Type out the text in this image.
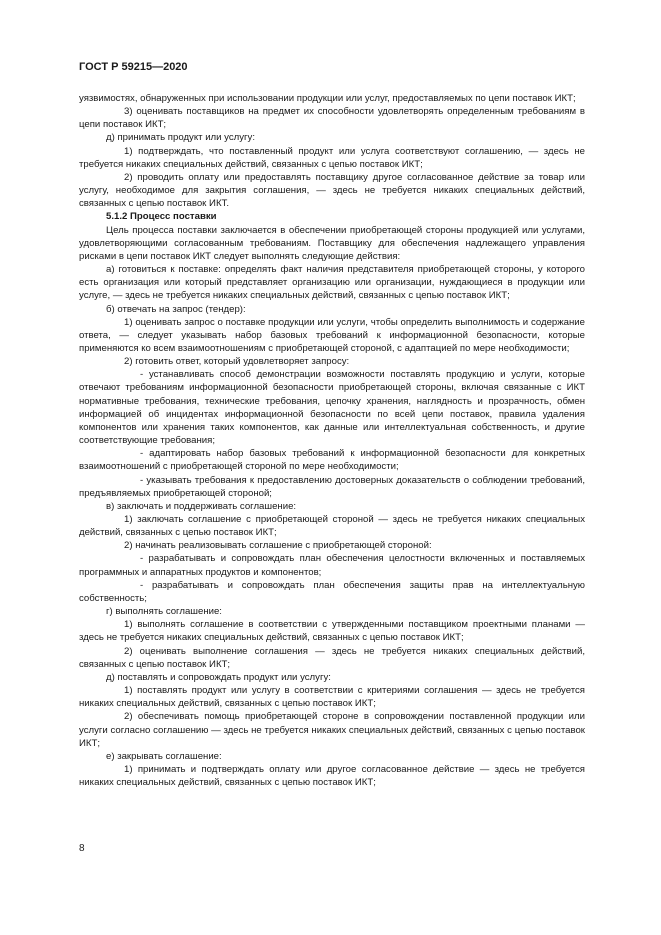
ГОСТ Р 59215—2020

уязвимостях, обнаруженных при использовании продукции или услуг, предоставляемых по цепи поставок ИКТ;

3) оценивать поставщиков на предмет их способности удовлетворять определенным требованиям в цепи поставок ИКТ;

д) принимать продукт или услугу:

1) подтверждать, что поставленный продукт или услуга соответствуют соглашению, — здесь не требуется никаких специальных действий, связанных с цепью поставок ИКТ;

2) проводить оплату или предоставлять поставщику другое согласованное действие за товар или услугу, необходимое для закрытия соглашения, — здесь не требуется никаких специальных действий, связанных с цепью поставок ИКТ.

5.1.2 Процесс поставки

Цель процесса поставки заключается в обеспечении приобретающей стороны продукцией или услугами, удовлетворяющими согласованным требованиям. Поставщику для обеспечения надлежащего управления рисками в цепи поставок ИКТ следует выполнять следующие действия:

а) готовиться к поставке: определять факт наличия представителя приобретающей стороны, у которого есть организация или который представляет организацию или организации, нуждающиеся в продукции или услуге, — здесь не требуется никаких специальных действий, связанных с цепью поставок ИКТ;

б) отвечать на запрос (тендер):

1) оценивать запрос о поставке продукции или услуги, чтобы определить выполнимость и содержание ответа, — следует указывать набор базовых требований к информационной безопасности, которые применяются ко всем взаимоотношениям с приобретающей стороной, с адаптацией по мере необходимости;

2) готовить ответ, который удовлетворяет запросу:

- устанавливать способ демонстрации возможности поставлять продукцию и услуги, которые отвечают требованиям информационной безопасности приобретающей стороны, включая связанные с ИКТ нормативные требования, технические требования, цепочку хранения, наглядность и прозрачность, обмен информацией об инцидентах информационной безопасности по всей цепи поставок, правила удаления компонентов или хранения таких компонентов, как данные или интеллектуальная собственность, и другие соответствующие требования;

- адаптировать набор базовых требований к информационной безопасности для конкретных взаимоотношений с приобретающей стороной по мере необходимости;

- указывать требования к предоставлению достоверных доказательств о соблюдении требований, предъявляемых приобретающей стороной;

в) заключать и поддерживать соглашение:

1) заключать соглашение с приобретающей стороной — здесь не требуется никаких специальных действий, связанных с цепью поставок ИКТ;

2) начинать реализовывать соглашение с приобретающей стороной:

- разрабатывать и сопровождать план обеспечения целостности включенных и поставляемых программных и аппаратных продуктов и компонентов;

- разрабатывать и сопровождать план обеспечения защиты прав на интеллектуальную собственность;

г) выполнять соглашение:

1) выполнять соглашение в соответствии с утвержденными поставщиком проектными планами — здесь не требуется никаких специальных действий, связанных с цепью поставок ИКТ;

2) оценивать выполнение соглашения — здесь не требуется никаких специальных действий, связанных с цепью поставок ИКТ;

д) поставлять и сопровождать продукт или услугу:

1) поставлять продукт или услугу в соответствии с критериями соглашения — здесь не требуется никаких специальных действий, связанных с цепью поставок ИКТ;

2) обеспечивать помощь приобретающей стороне в сопровождении поставленной продукции или услуги согласно соглашению — здесь не требуется никаких специальных действий, связанных с цепью поставок ИКТ;

е) закрывать соглашение:

1) принимать и подтверждать оплату или другое согласованное действие — здесь не требуется никаких специальных действий, связанных с цепью поставок ИКТ;

8
